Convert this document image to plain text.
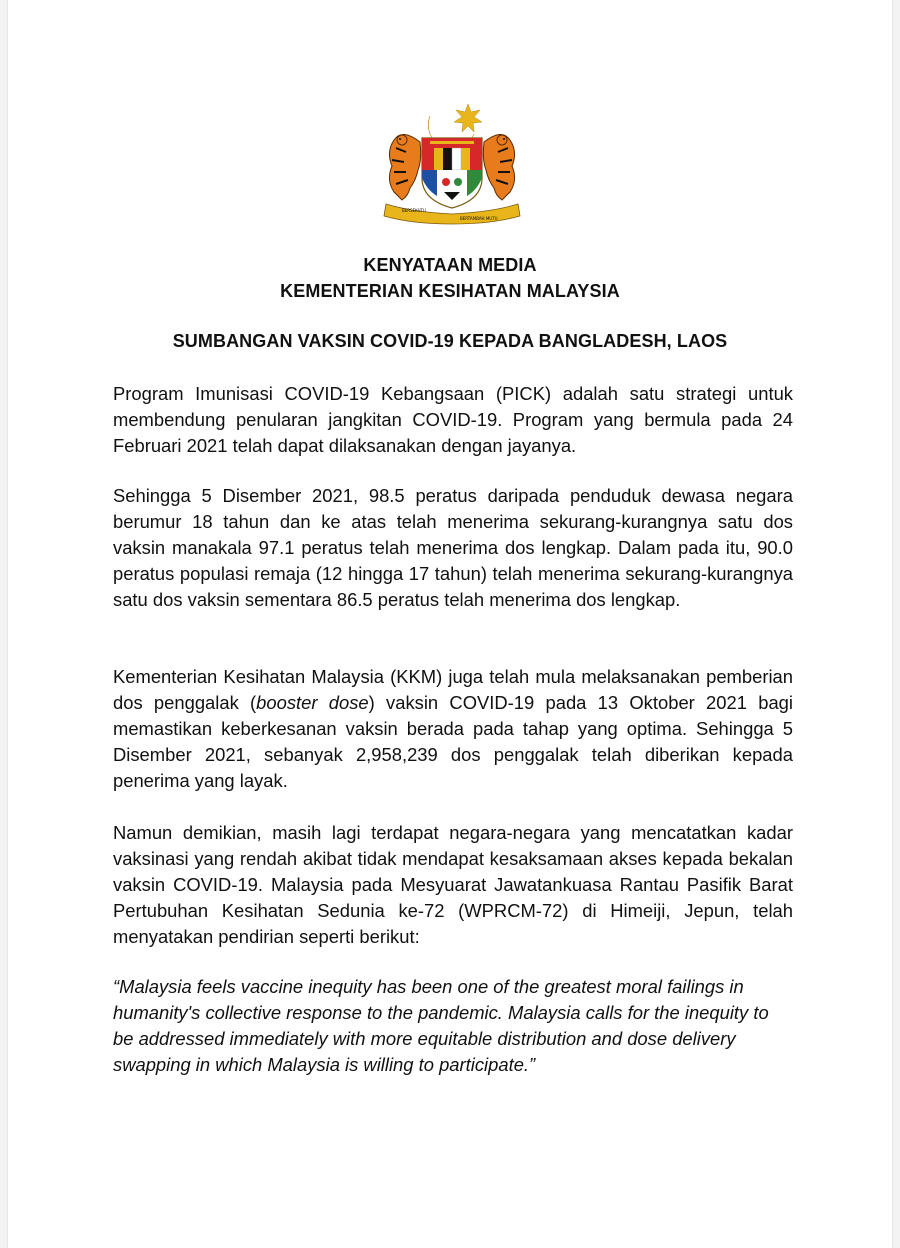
BERSEKUTU
BERTAMBAH MUTU
KENYATAAN MEDIA
KEMENTERIAN KESIHATAN MALAYSIA
SUMBANGAN VAKSIN COVID-19 KEPADA BANGLADESH, LAOS

Program Imunisasi COVID-19 Kebangsaan (PICK) adalah satu strategi untuk membendung penularan jangkitan COVID-19. Program yang bermula pada 24 Februari 2021 telah dapat dilaksanakan dengan jayanya.

Sehingga 5 Disember 2021, 98.5 peratus daripada penduduk dewasa negara berumur 18 tahun dan ke atas telah menerima sekurang-kurangnya satu dos vaksin manakala 97.1 peratus telah menerima dos lengkap. Dalam pada itu, 90.0 peratus populasi remaja (12 hingga 17 tahun) telah menerima sekurang-kurangnya satu dos vaksin sementara 86.5 peratus telah menerima dos lengkap.

Kementerian Kesihatan Malaysia (KKM) juga telah mula melaksanakan pemberian dos penggalak (booster dose) vaksin COVID-19 pada 13 Oktober 2021 bagi memastikan keberkesanan vaksin berada pada tahap yang optima. Sehingga 5 Disember 2021, sebanyak 2,958,239 dos penggalak telah diberikan kepada penerima yang layak.

Namun demikian, masih lagi terdapat negara-negara yang mencatatkan kadar vaksinasi yang rendah akibat tidak mendapat kesaksamaan akses kepada bekalan vaksin COVID-19. Malaysia pada Mesyuarat Jawatankuasa Rantau Pasifik Barat Pertubuhan Kesihatan Sedunia ke-72 (WPRCM-72) di Himeiji, Jepun, telah menyatakan pendirian seperti berikut:

“Malaysia feels vaccine inequity has been one of the greatest moral failings in humanity's collective response to the pandemic. Malaysia calls for the inequity to be addressed immediately with more equitable distribution and dose delivery swapping in which Malaysia is willing to participate.”
